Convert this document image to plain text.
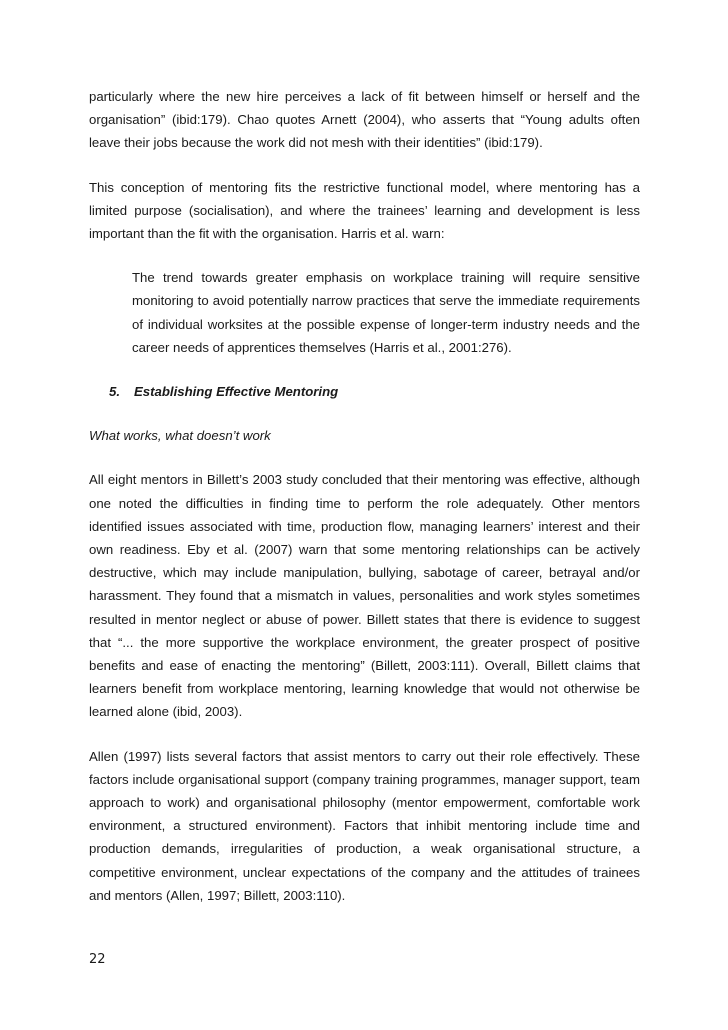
particularly where the new hire perceives a lack of fit between himself or herself and the organisation” (ibid:179). Chao quotes Arnett (2004), who asserts that “Young adults often leave their jobs because the work did not mesh with their identities” (ibid:179).

This conception of mentoring fits the restrictive functional model, where mentoring has a limited purpose (socialisation), and where the trainees’ learning and development is less important than the fit with the organisation. Harris et al. warn:

The trend towards greater emphasis on workplace training will require sensitive monitoring to avoid potentially narrow practices that serve the immediate requirements of individual worksites at the possible expense of longer-term industry needs and the career needs of apprentices themselves (Harris et al., 2001:276).

5. Establishing Effective Mentoring

What works, what doesn’t work

All eight mentors in Billett’s 2003 study concluded that their mentoring was effective, although one noted the difficulties in finding time to perform the role adequately. Other mentors identified issues associated with time, production flow, managing learners’ interest and their own readiness. Eby et al. (2007) warn that some mentoring relationships can be actively destructive, which may include manipulation, bullying, sabotage of career, betrayal and/or harassment. They found that a mismatch in values, personalities and work styles sometimes resulted in mentor neglect or abuse of power. Billett states that there is evidence to suggest that “... the more supportive the workplace environment, the greater prospect of positive benefits and ease of enacting the mentoring” (Billett, 2003:111). Overall, Billett claims that learners benefit from workplace mentoring, learning knowledge that would not otherwise be learned alone (ibid, 2003).

Allen (1997) lists several factors that assist mentors to carry out their role effectively. These factors include organisational support (company training programmes, manager support, team approach to work) and organisational philosophy (mentor empowerment, comfortable work environment, a structured environment). Factors that inhibit mentoring include time and production demands, irregularities of production, a weak organisational structure, a competitive environment, unclear expectations of the company and the attitudes of trainees and mentors (Allen, 1997; Billett, 2003:110).

22
